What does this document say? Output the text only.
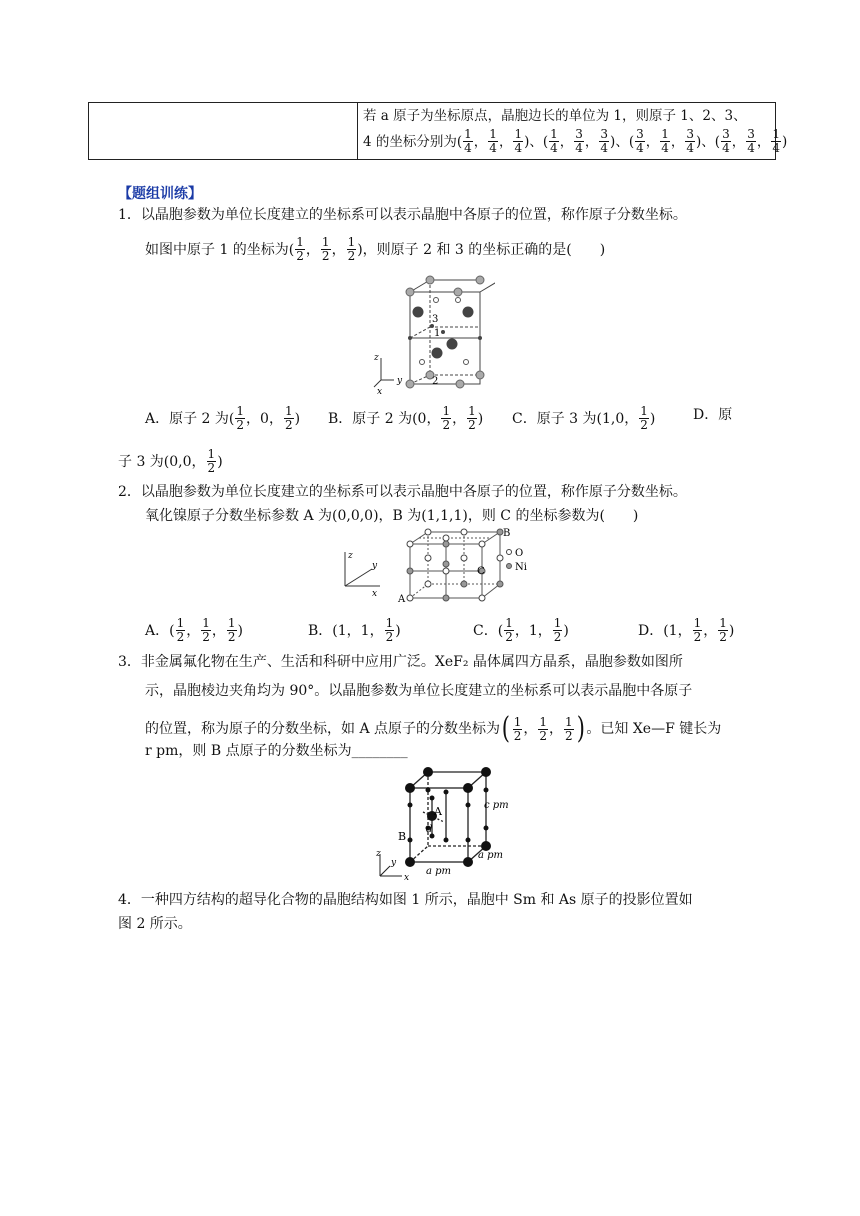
若 a 原子为坐标原点，晶胞边长的单位为 1，则原子 1、2、3、
4 的坐标分别为( $\frac{1}{4}$ ， $\frac{1}{4}$ ， $\frac{1}{4}$ )、( $\frac{1}{4}$ ， $\frac{3}{4}$ ， $\frac{3}{4}$ )、( $\frac{3}{4}$ ， $\frac{1}{4}$ ， $\frac{3}{4}$ )、( $\frac{3}{4}$ ， $\frac{3}{4}$ ， $\frac{1}{4}$ )
【题组训练】
1．以晶胞参数为单位长度建立的坐标系可以表示晶胞中各原子的位置，称作原子分数坐标。
如图中原子 1 的坐标为( $\frac{1}{2}$ ， $\frac{1}{2}$ ， $\frac{1}{2}$ )，则原子 2 和 3 的坐标正确的是(　　)
3
1
2
z
y
x
A．原子 2 为( $\frac{1}{2}$ ，0， $\frac{1}{2}$ ) B．原子 2 为(0， $\frac{1}{2}$ ， $\frac{1}{2}$ ) C．原子 3 为(1,0， $\frac{1}{2}$ )	D．原
子 3 为(0,0， $\frac{1}{2}$ )
2．以晶胞参数为单位长度建立的坐标系可以表示晶胞中各原子的位置，称作原子分数坐标。
氧化镍原子分数坐标参数 A 为(0,0,0)，B 为(1,1,1)，则 C 的坐标参数为(　　)
z
y
x A
B
C
O
Ni
A．( $\frac{1}{2}$ ， $\frac{1}{2}$ ， $\frac{1}{2}$ )	B．(1，1， $\frac{1}{2}$ )	C．( $\frac{1}{2}$ ，1， $\frac{1}{2}$ )	D．(1， $\frac{1}{2}$ ， $\frac{1}{2}$ )
3．非金属氟化物在生产、生活和科研中应用广泛。XeF₂ 晶体属四方晶系，晶胞参数如图所
示，晶胞棱边夹角均为 90°。以晶胞参数为单位长度建立的坐标系可以表示晶胞中各原子
的位置，称为原子的分数坐标，如 A 点原子的分数坐标为 ( $\frac{1}{2}$ ， $\frac{1}{2}$ ， $\frac{1}{2}$ ) 。已知 Xe—F 键长为
r pm，则 B 点原子的分数坐标为________
A
B
d
c pm
a pm
a pm
z
y
x
4．一种四方结构的超导化合物的晶胞结构如图 1 所示，晶胞中 Sm 和 As 原子的投影位置如
图 2 所示。
